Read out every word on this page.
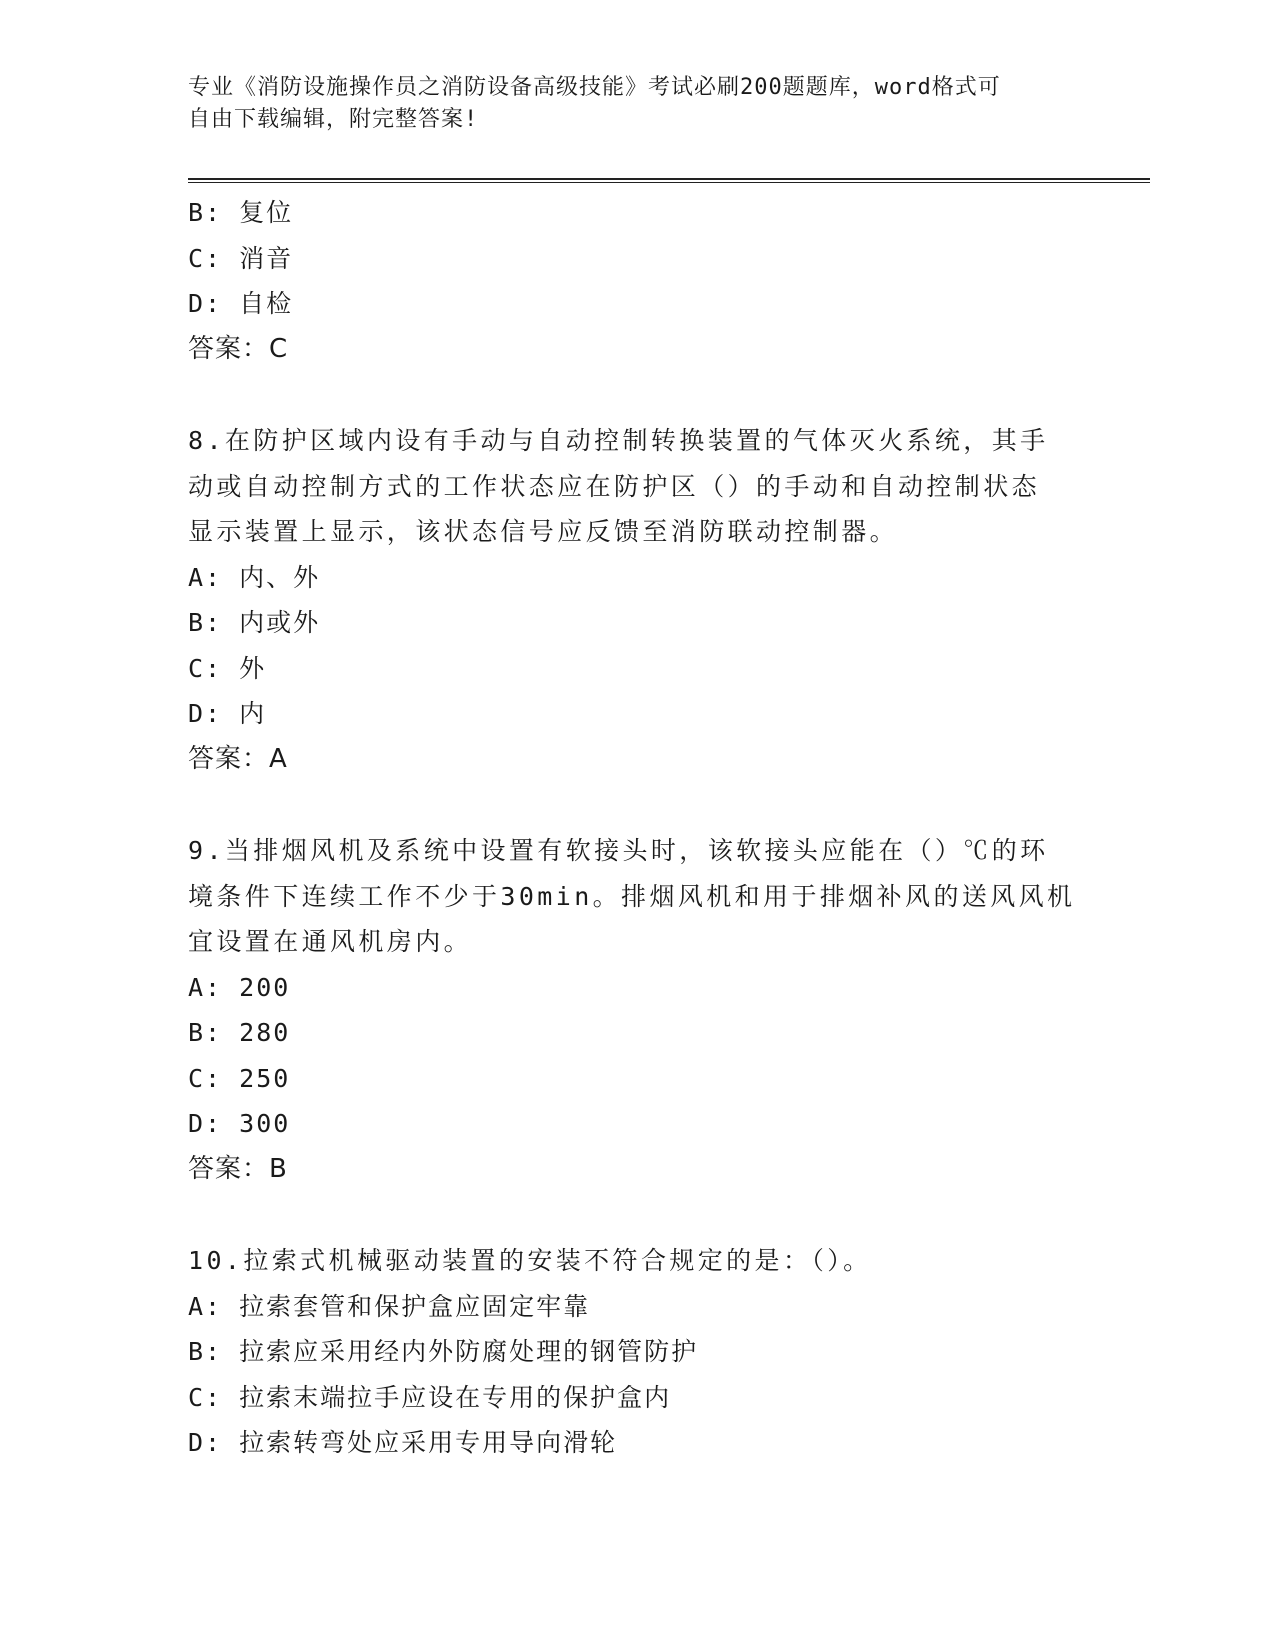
专业《消防设施操作员之消防设备高级技能》考试必刷200题题库，word格式可
自由下载编辑，附完整答案!
B: 复位
C: 消音
D: 自检
答案：C
8.在防护区域内设有手动与自动控制转换装置的气体灭火系统，其手
动或自动控制方式的工作状态应在防护区（）的手动和自动控制状态
显示装置上显示，该状态信号应反馈至消防联动控制器。
A: 内、外
B: 内或外
C: 外
D: 内
答案：A
9.当排烟风机及系统中设置有软接头时，该软接头应能在（）℃的环
境条件下连续工作不少于30min。排烟风机和用于排烟补风的送风风机
宜设置在通风机房内。
A: 200
B: 280
C: 250
D: 300
答案：B
10.拉索式机械驱动装置的安装不符合规定的是：（）。
A: 拉索套管和保护盒应固定牢靠
B: 拉索应采用经内外防腐处理的钢管防护
C: 拉索末端拉手应设在专用的保护盒内
D: 拉索转弯处应采用专用导向滑轮
